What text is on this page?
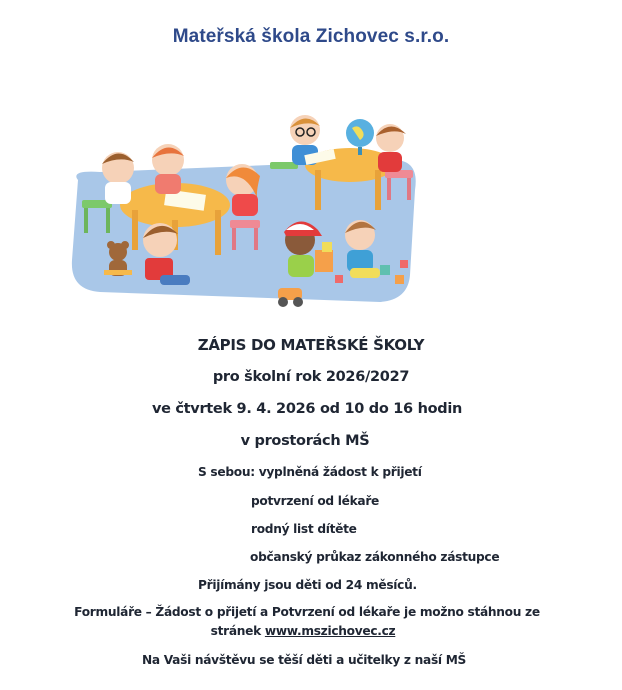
Mateřská škola Zichovec s.r.o.
ZÁPIS DO MATEŘSKÉ ŠKOLY
pro školní rok 2026/2027
ve čtvrtek 9. 4. 2026 od 10 do 16 hodin
v prostorách MŠ
S sebou: vyplněná žádost k přijetí
potvrzení od lékaře
rodný list dítěte
občanský průkaz zákonného zástupce
Přijímány jsou děti od 24 měsíců.
Formuláře – Žádost o přijetí a Potvrzení od lékaře je možno stáhnou ze
stránek www.mszichovec.cz
Na Vaši návštěvu se těší děti a učitelky z naší MŠ
